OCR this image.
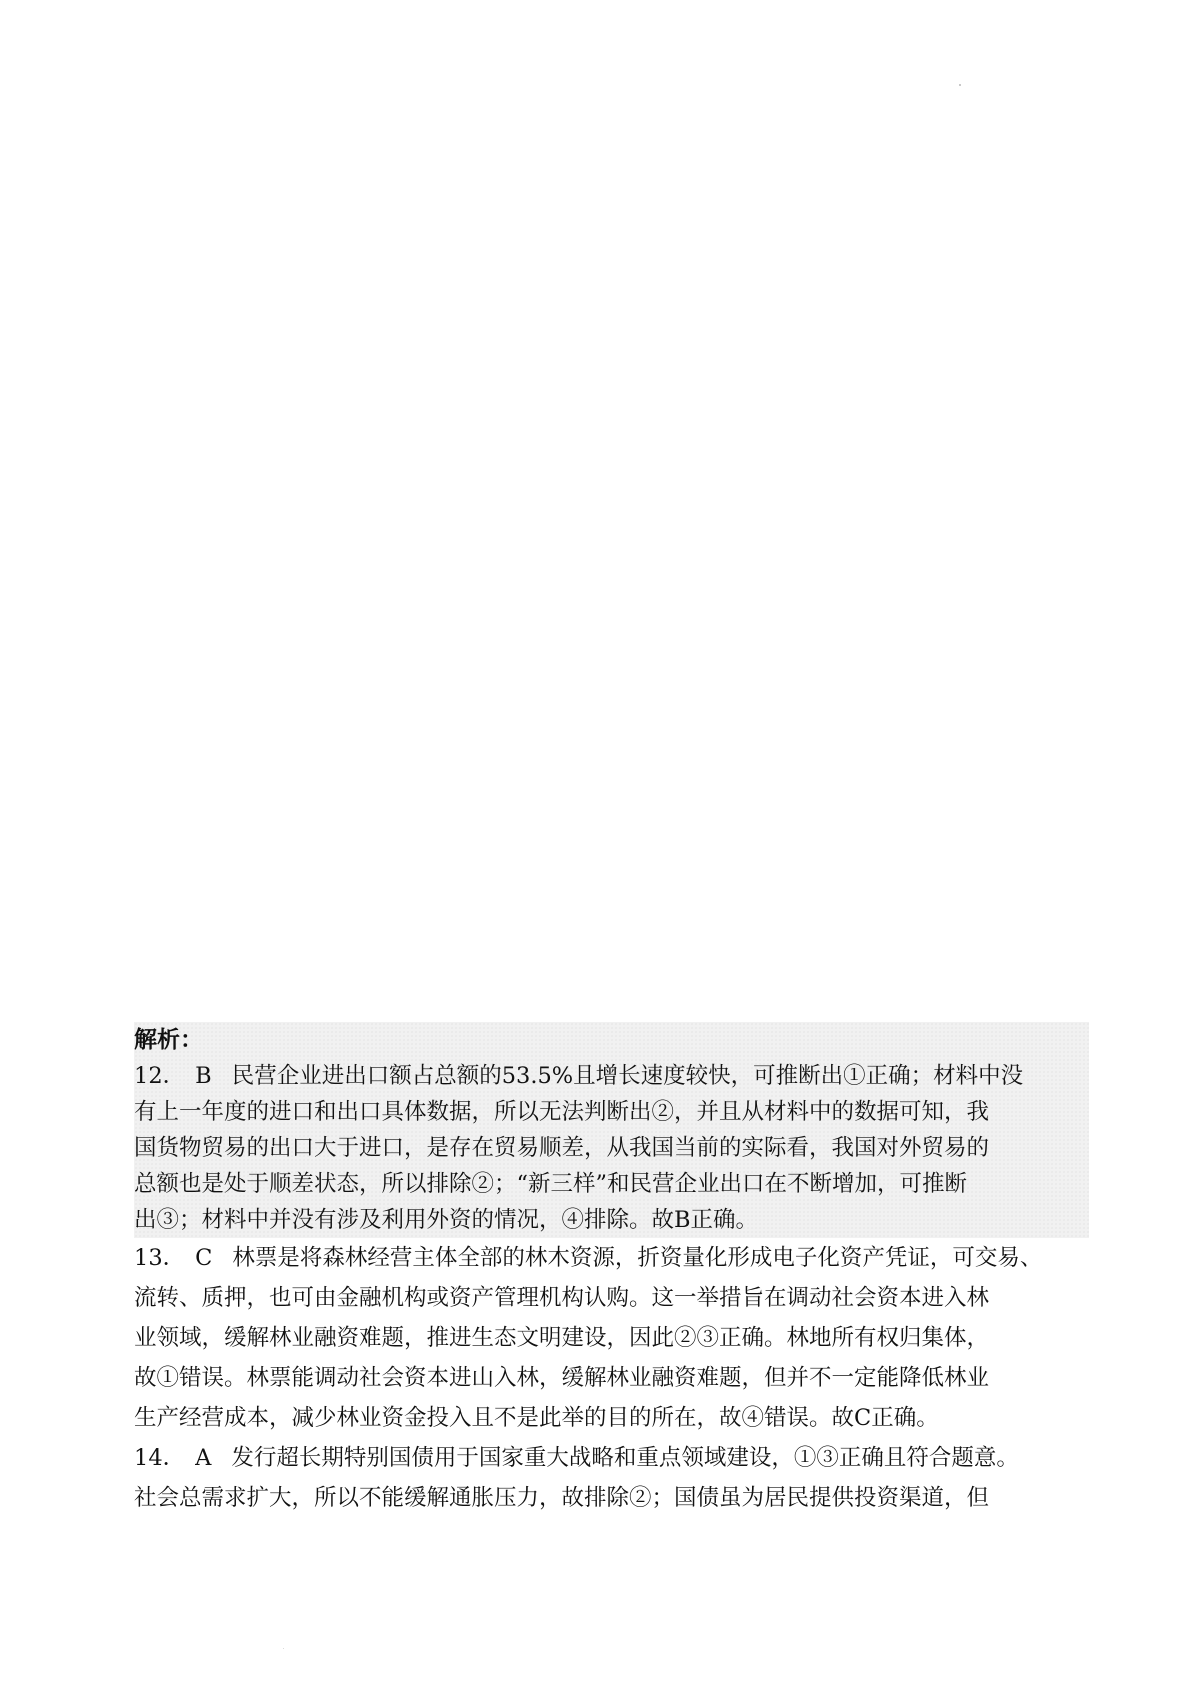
解析：
12． B 民营企业进出口额占总额的53.5%且增长速度较快，可推断出①正确；材料中没
有上一年度的进口和出口具体数据，所以无法判断出②，并且从材料中的数据可知，我
国货物贸易的出口大于进口，是存在贸易顺差，从我国当前的实际看，我国对外贸易的
总额也是处于顺差状态，所以排除②；“新三样”和民营企业出口在不断增加，可推断
出③；材料中并没有涉及利用外资的情况，④排除。故B正确。
13． C 林票是将森林经营主体全部的林木资源，折资量化形成电子化资产凭证，可交易、
流转、质押，也可由金融机构或资产管理机构认购。这一举措旨在调动社会资本进入林
业领域，缓解林业融资难题，推进生态文明建设，因此②③正确。林地所有权归集体，
故①错误。林票能调动社会资本进山入林，缓解林业融资难题，但并不一定能降低林业
生产经营成本，减少林业资金投入且不是此举的目的所在，故④错误。故C正确。
14． A 发行超长期特别国债用于国家重大战略和重点领域建设，①③正确且符合题意。
社会总需求扩大，所以不能缓解通胀压力，故排除②；国债虽为居民提供投资渠道，但
